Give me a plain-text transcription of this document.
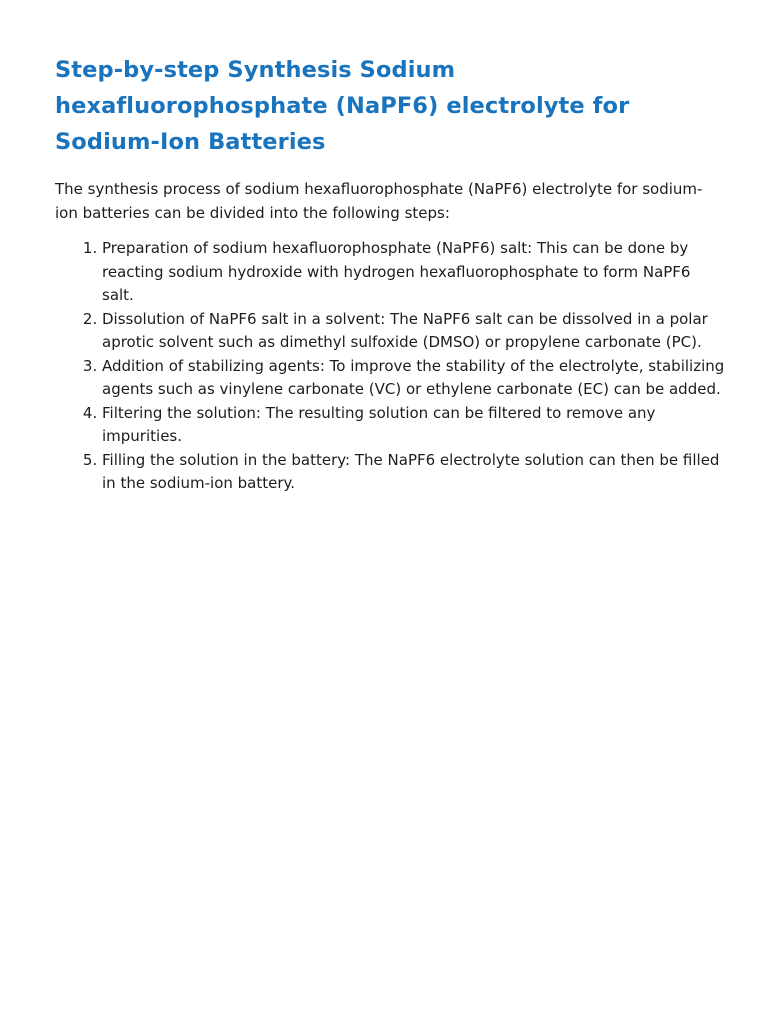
Step-by-step Synthesis Sodium hexafluorophosphate (NaPF6) electrolyte for Sodium-Ion Batteries

The synthesis process of sodium hexafluorophosphate (NaPF6) electrolyte for sodium-ion batteries can be divided into the following steps:

1. Preparation of sodium hexafluorophosphate (NaPF6) salt: This can be done by reacting sodium hydroxide with hydrogen hexafluorophosphate to form NaPF6 salt.
2. Dissolution of NaPF6 salt in a solvent: The NaPF6 salt can be dissolved in a polar aprotic solvent such as dimethyl sulfoxide (DMSO) or propylene carbonate (PC).
3. Addition of stabilizing agents: To improve the stability of the electrolyte, stabilizing agents such as vinylene carbonate (VC) or ethylene carbonate (EC) can be added.
4. Filtering the solution: The resulting solution can be filtered to remove any impurities.
5. Filling the solution in the battery: The NaPF6 electrolyte solution can then be filled in the sodium-ion battery.
